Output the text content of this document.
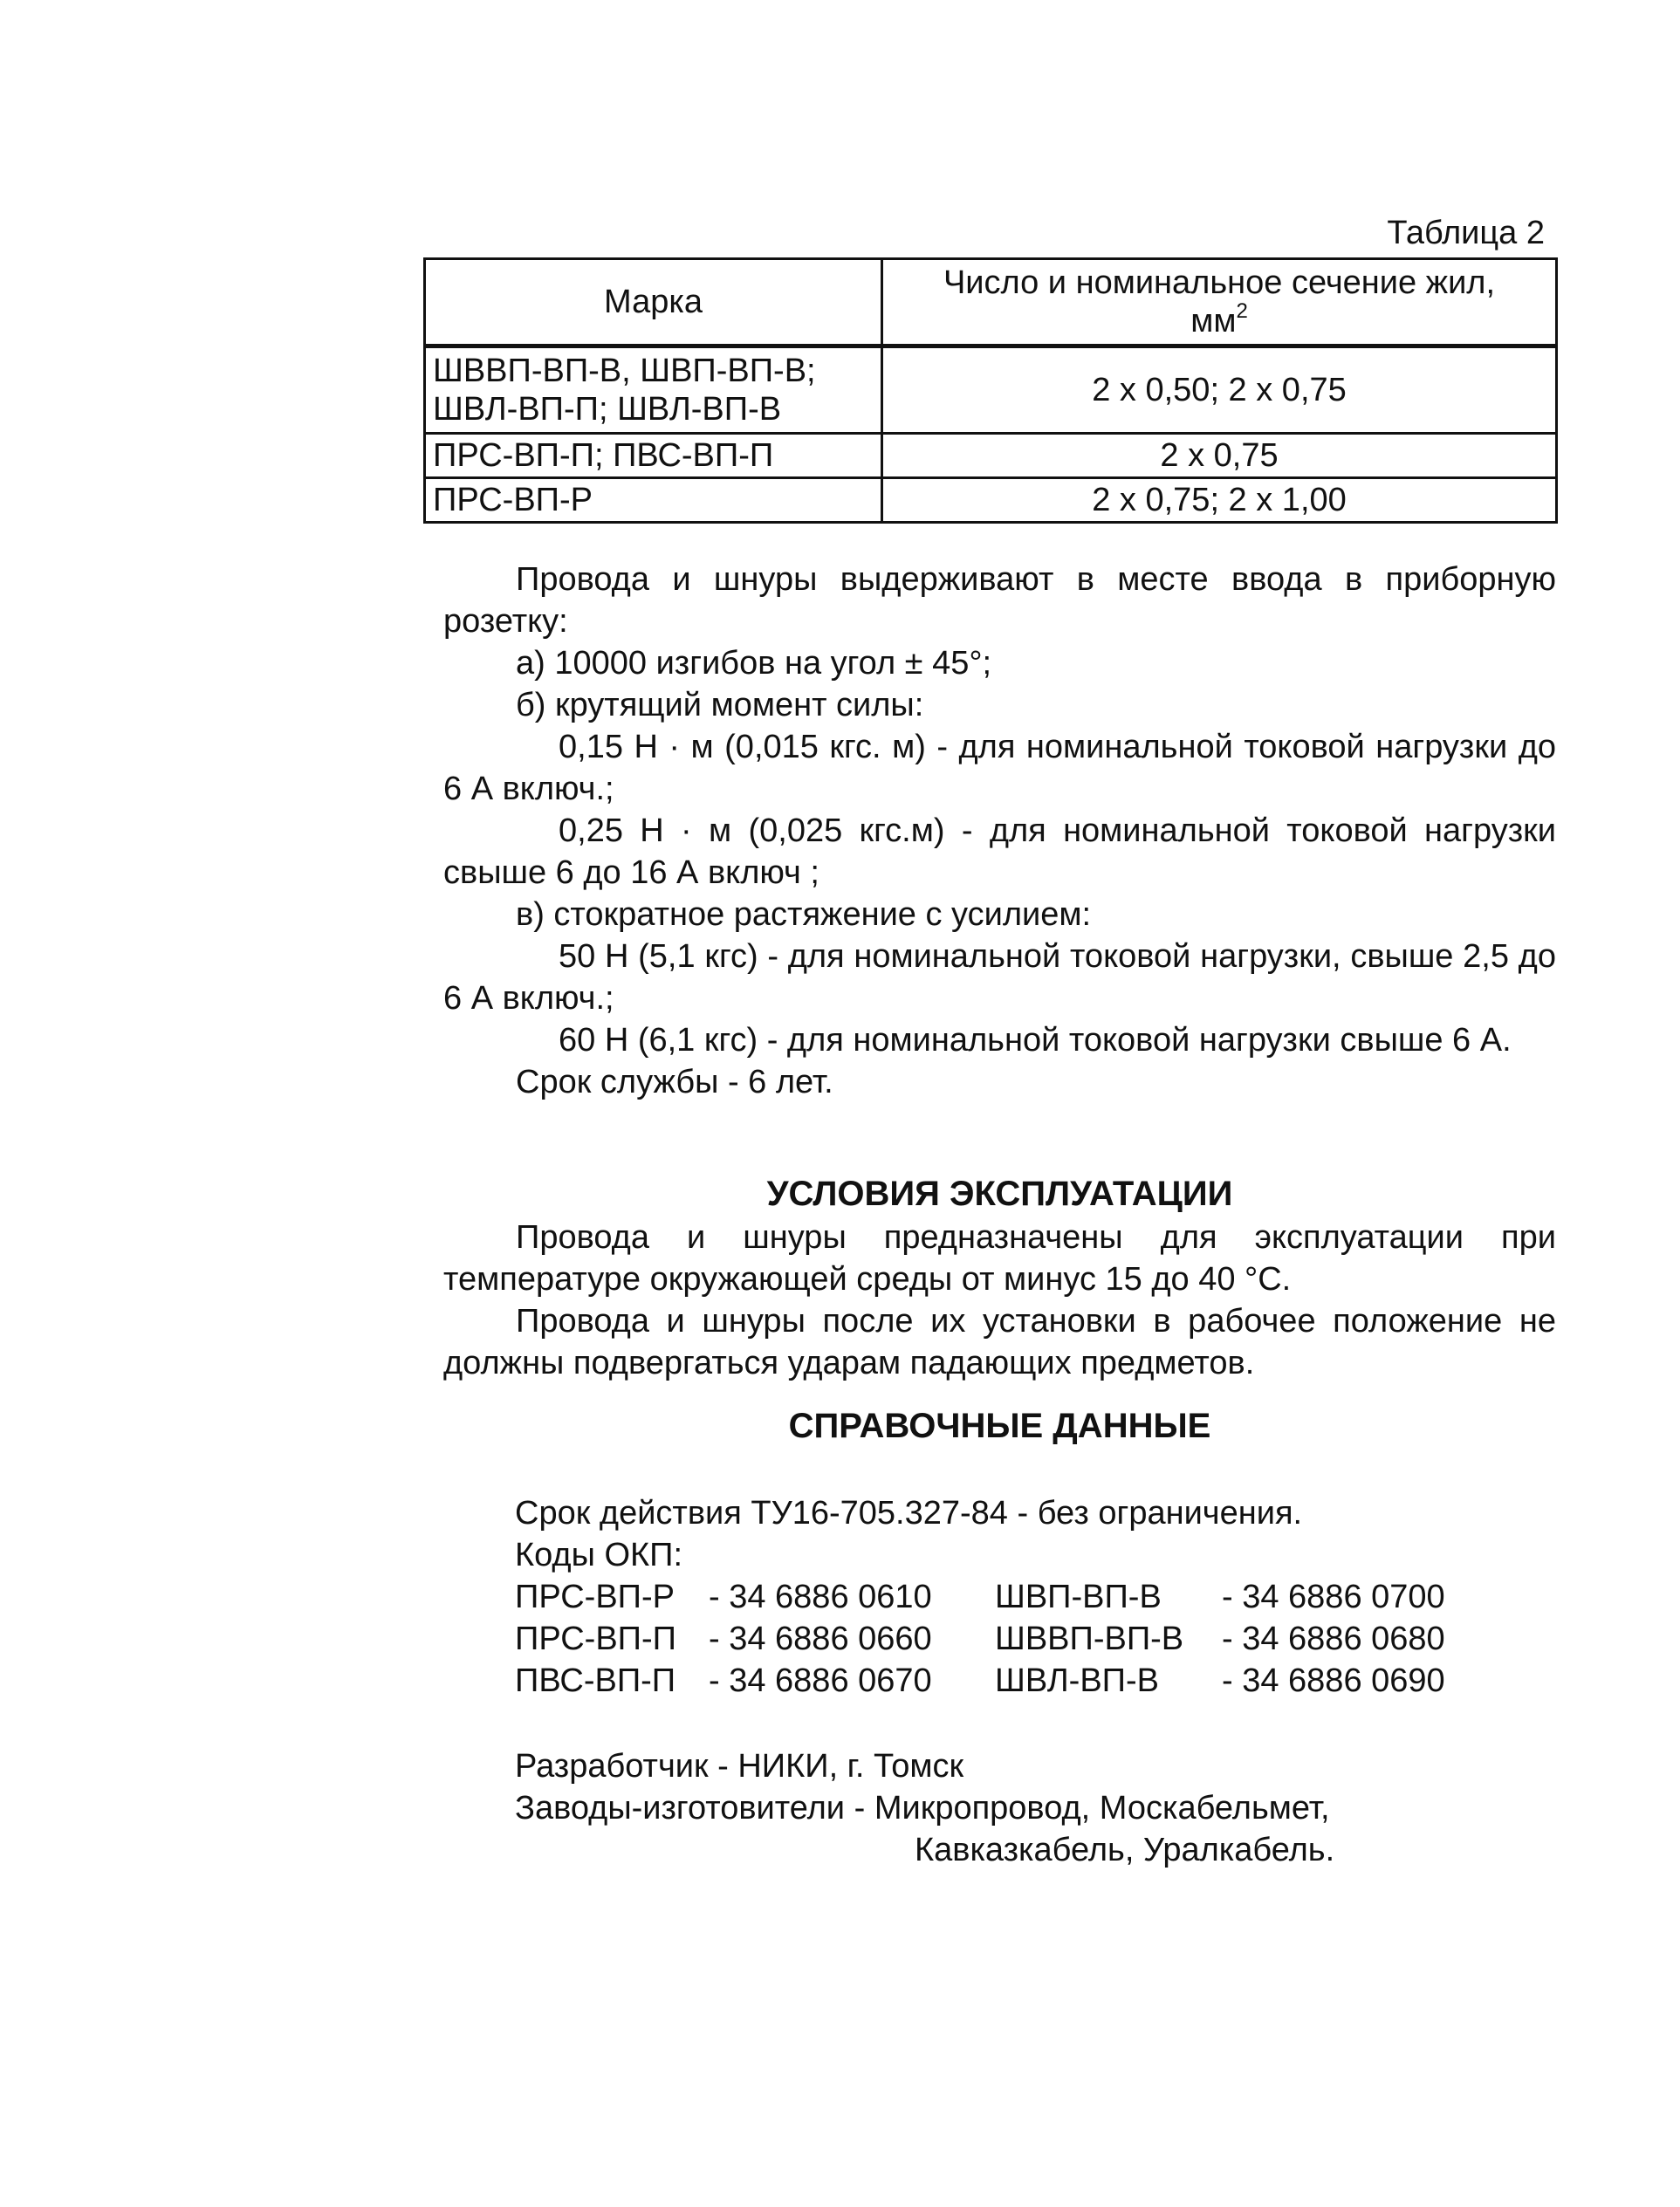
Таблица 2
Марка	Число и номинальное сечение жил,
$мм^2$
ШВВП-ВП-В, ШВП-ВП-В; ШВЛ-ВП-П; ШВЛ-ВП-В	2 х 0,50; 2 х 0,75
ПРС-ВП-П; ПВС-ВП-П	2 х 0,75
ПРС-ВП-Р	2 х 0,75; 2 х 1,00

Провода и шнуры выдерживают в месте ввода в приборную розетку:

а) 10000 изгибов на угол ± 45°;

б) крутящий момент силы:

0,15 Н · м (0,015 кгс. м) - для номинальной токовой нагрузки до 6 А включ.;

0,25 Н · м (0,025 кгс.м) - для номинальной токовой нагрузки свыше 6 до 16 А включ ;

в) стократное растяжение с усилием:

50 Н (5,1 кгс) - для номинальной токовой нагрузки, свыше 2,5 до 6 А включ.;

60 Н (6,1 кгс) - для номинальной токовой нагрузки свыше 6 А.

Срок службы - 6 лет.

УСЛОВИЯ ЭКСПЛУАТАЦИИ

Провода и шнуры предназначены для эксплуатации при температуре окружающей среды от минус 15 до 40 °С.

Провода и шнуры после их установки в рабочее положение не должны подвергаться ударам падающих предметов.

СПРАВОЧНЫЕ ДАННЫЕ
Срок действия ТУ16-705.327-84 - без ограничения.
Коды ОКП:
ПРС-ВП-Р - 34 6886 0610 ШВП-ВП-В - 34 6886 0700
ПРС-ВП-П - 34 6886 0660 ШВВП-ВП-В - 34 6886 0680
ПВС-ВП-П - 34 6886 0670 ШВЛ-ВП-В - 34 6886 0690
Разработчик - НИКИ, г. Томск
Заводы-изготовители - Микропровод, Москабельмет,
Кавказкабель, Уралкабель.
